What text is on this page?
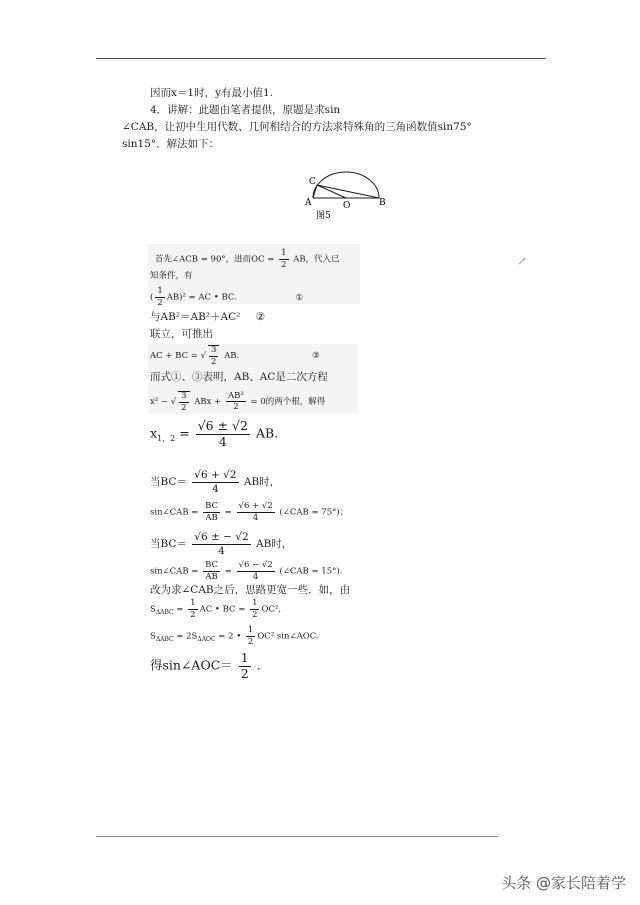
因而x＝1时，y有最小值1.
4．讲解：此题由笔者提供，原题是求sin
∠CAB，让初中生用代数、几何相结合的方法求特殊角的三角函数值sin75°
sin15°．解法如下：
C
A	O	B
图5
↗
首先∠ACB = 90°，进而OC = $\frac{1}{2}$ AB，代入已
知条件，有
( $\frac{1}{2} AB)^2$ = AC • BC.	①
与AB²＝AB²＋AC² ②
联立，可推出
AC + BC = √ $\frac{3}{2}$ AB.	③
而式①、③表明，AB、AC是二次方程
x² − √ $\frac{3}{2}$ ABx + $\frac{\text{AB²}}{2} = 0$的两个根，解得
$x_{1,2} = \frac{√6 \pm √2}{4}$ AB.
当$BC= \frac{√6 + √2}{4}$ AB时，
sin∠CAB = $\frac{BC}{AB} = \frac{√6 + √2}{4}$ (∠CAB = 75°)；
当$BC= \frac{√6 \pm - √2}{4}$ AB时，
sin∠CAB = $\frac{BC}{AB} = \frac{√6 - √2}{4}$ (∠CAB = 15°).
改为求∠CAB之后，思路更宽一些．如，由
$S_{\Delta ABC} = \frac{1}{2}$ AC • BC = $\frac{1}{2} OC^2$,
$S_{\Delta ABC} = 2S_{\Delta AOC} = 2$ • $\frac{1}{2} OC^2$ sin∠AOC.
得sin∠AOC＝ $\frac{1}{2}$ .
头条 @家长陪着学
